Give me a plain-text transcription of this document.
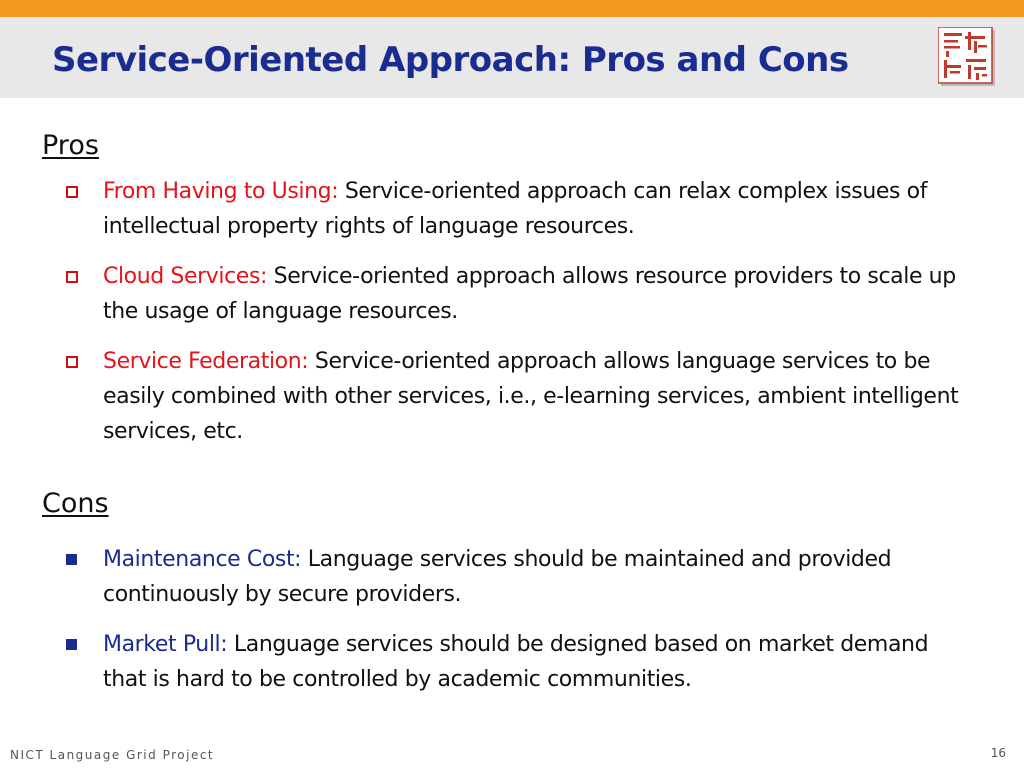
Service-Oriented Approach: Pros and Cons
Pros
From Having to Using: Service-oriented approach can relax complex issues of intellectual property rights of language resources.
Cloud Services: Service-oriented approach allows resource providers to scale up the usage of language resources.
Service Federation: Service-oriented approach allows language services to be easily combined with other services, i.e., e-learning services, ambient intelligent services, etc.
Cons
Maintenance Cost: Language services should be maintained and provided continuously by secure providers.
Market Pull: Language services should be designed based on market demand that is hard to be controlled by academic communities.
NICT Language Grid Project	16
